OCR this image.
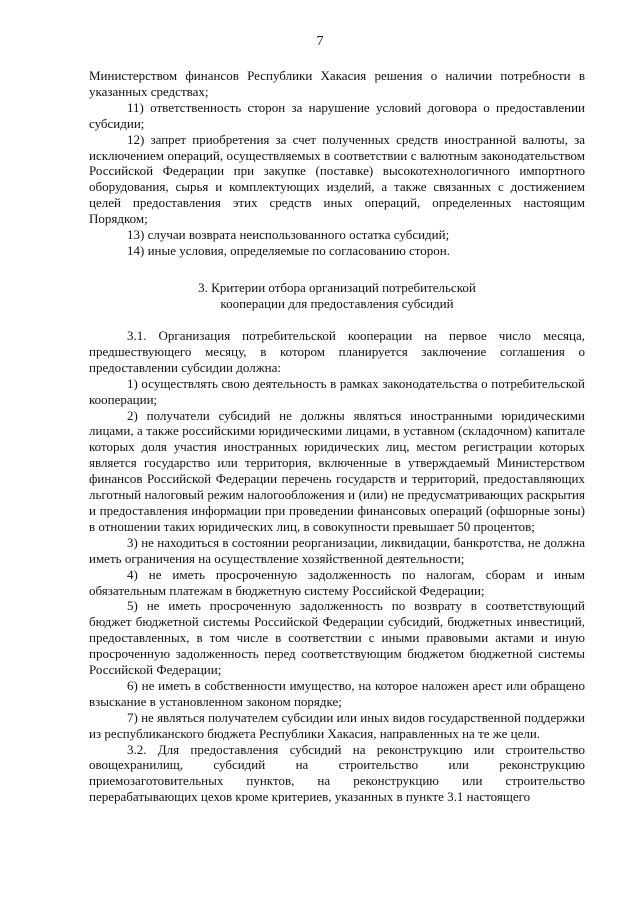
7

Министерством финансов Республики Хакасия решения о наличии потребности в указанных средствах;

11) ответственность сторон за нарушение условий договора о предоставлении субсидии;

12) запрет приобретения за счет полученных средств иностранной валюты, за исключением операций, осуществляемых в соответствии с валютным законодательством Российской Федерации при закупке (поставке) высокотехнологичного импортного оборудования, сырья и комплектующих изделий, а также связанных с достижением целей предоставления этих средств иных операций, определенных настоящим Порядком;

13) случаи возврата неиспользованного остатка субсидий;

14) иные условия, определяемые по согласованию сторон.

3. Критерии отбора организаций потребительской

кооперации для предоставления субсидий

3.1. Организация потребительской кооперации на первое число месяца, предшествующего месяцу, в котором планируется заключение соглашения о предоставлении субсидии должна:

1) осуществлять свою деятельность в рамках законодательства о потребительской кооперации;

2) получатели субсидий не должны являться иностранными юридическими лицами, а также российскими юридическими лицами, в уставном (складочном) капитале которых доля участия иностранных юридических лиц, местом регистрации которых является государство или территория, включенные в утверждаемый Министерством финансов Российской Федерации перечень государств и территорий, предоставляющих льготный налоговый режим налогообложения и (или) не предусматривающих раскрытия и предоставления информации при проведении финансовых операций (офшорные зоны) в отношении таких юридических лиц, в совокупности превышает 50 процентов;

3) не находиться в состоянии реорганизации, ликвидации, банкротства, не должна иметь ограничения на осуществление хозяйственной деятельности;

4) не иметь просроченную задолженность по налогам, сборам и иным обязательным платежам в бюджетную систему Российской Федерации;

5) не иметь просроченную задолженность по возврату в соответствующий бюджет бюджетной системы Российской Федерации субсидий, бюджетных инвестиций, предоставленных, в том числе в соответствии с иными правовыми актами и иную просроченную задолженность перед соответствующим бюджетом бюджетной системы Российской Федерации;

6) не иметь в собственности имущество, на которое наложен арест или обращено взыскание в установленном законом порядке;

7) не являться получателем субсидии или иных видов государственной поддержки из республиканского бюджета Республики Хакасия, направленных на те же цели.

3.2. Для предоставления субсидий на реконструкцию или строительство овощехранилищ, субсидий на строительство или реконструкцию приемозаготовительных пунктов, на реконструкцию или строительство перерабатывающих цехов кроме критериев, указанных в пункте 3.1 настоящего
